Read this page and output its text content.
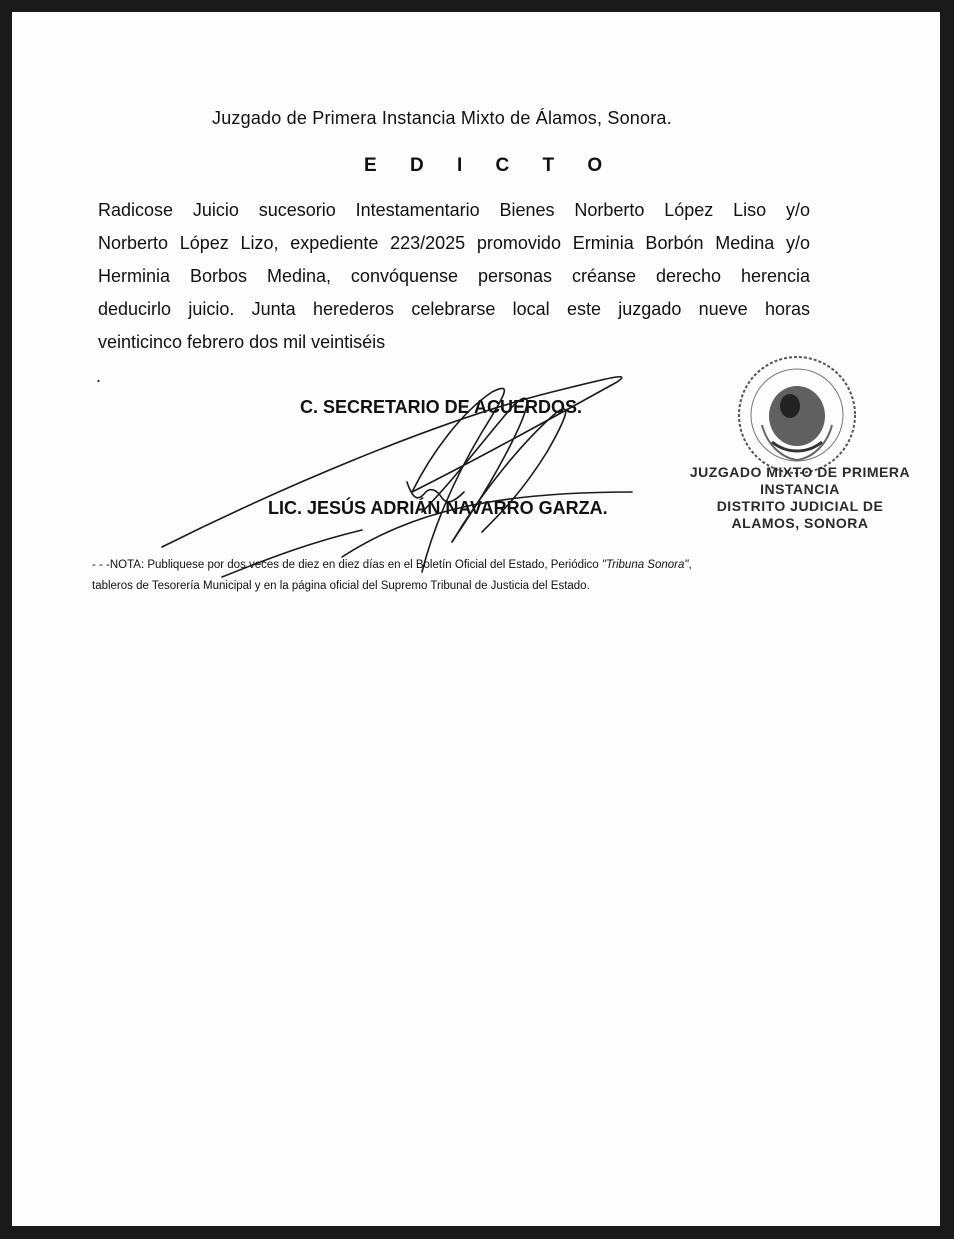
Juzgado de Primera Instancia Mixto de Álamos, Sonora.
E D I C T O
Radicose Juicio sucesorio Intestamentario Bienes Norberto López Liso y/o
Norberto López Lizo, expediente 223/2025 promovido Erminia Borbón Medina y/o
Herminia Borbos Medina, convóquense personas créanse derecho herencia
deducirlo juicio. Junta herederos celebrarse local este juzgado nueve horas
veinticinco febrero dos mil veintiséis
.
C. SECRETARIO DE ACUERDOS.
LIC. JESÚS ADRIÁN NAVARRO GARZA.
JUZGADO MIXTO DE PRIMERA
INSTANCIA
DISTRITO JUDICIAL DE
ALAMOS, SONORA
- - -NOTA: Publiquese por dos veces de diez en diez días en el Boletín Oficial del Estado, Periódico "Tribuna Sonora",
tableros de Tesorería Municipal y en la página oficial del Supremo Tribunal de Justicia del Estado.
